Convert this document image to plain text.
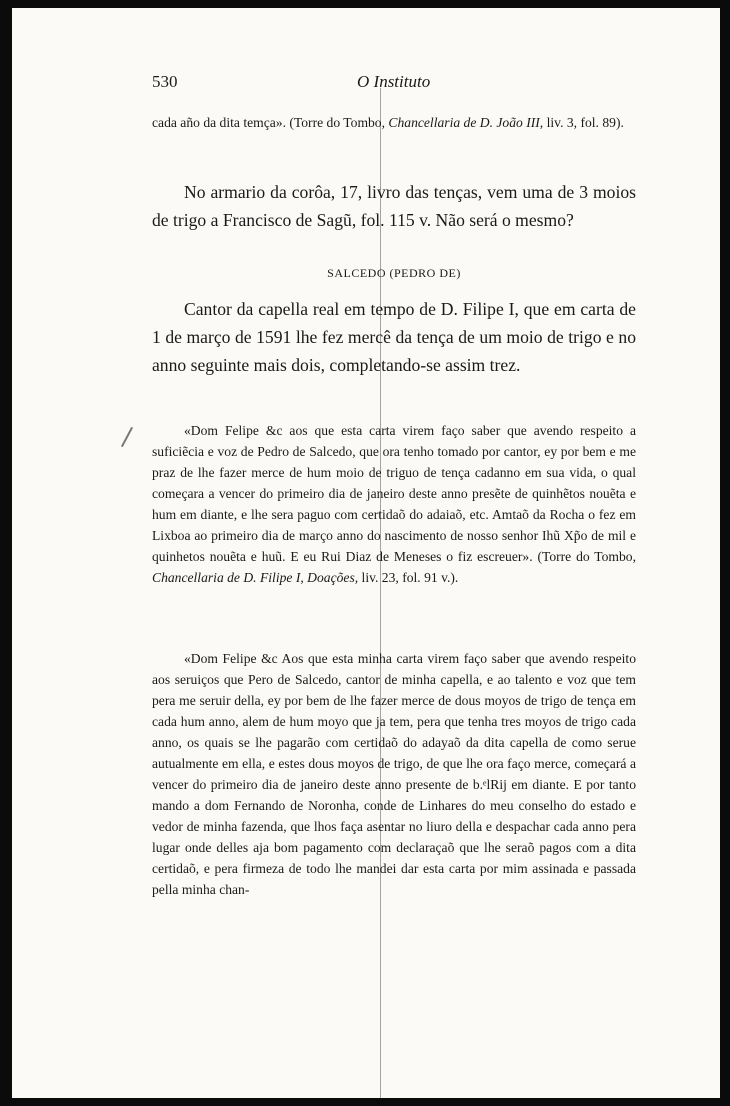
530	O Instituto

cada año da dita temça». (Torre do Tombo, Chancellaria de D. João III, liv. 3, fol. 89).

No armario da corôa, 17, livro das tenças, vem uma de 3 moios de trigo a Francisco de Sagũ, fol. 115 v. Não será o mesmo?

SALCEDO (PEDRO DE)

Cantor da capella real em tempo de D. Filipe I, que em carta de 1 de março de 1591 lhe fez mercê da tença de um moio de trigo e no anno seguinte mais dois, completando-se assim trez.

«Dom Felipe &c aos que esta carta virem faço saber que avendo respeito a suficiẽcia e voz de Pedro de Salcedo, que ora tenho tomado por cantor, ey por bem e me praz de lhe fazer merce de hum moio de triguo de tença cadanno em sua vida, o qual começara a vencer do primeiro dia de janeiro deste anno presẽte de quinhẽtos nouẽta e hum em diante, e lhe sera paguo com certidaõ do adaiaõ, etc. Amtaõ da Rocha o fez em Lixboa ao primeiro dia de março anno do nascimento de nosso senhor Ihũ Xp̃o de mil e quinhetos nouẽta e huũ. E eu Rui Diaz de Meneses o fiz escreuer». (Torre do Tombo, Chancellaria de D. Filipe I, Doações, liv. 23, fol. 91 v.).

«Dom Felipe &c Aos que esta minha carta virem faço saber que avendo respeito aos seruiços que Pero de Salcedo, cantor de minha capella, e ao talento e voz que tem pera me seruir della, ey por bem de lhe fazer merce de dous moyos de trigo de tença em cada hum anno, alem de hum moyo que ja tem, pera que tenha tres moyos de trigo cada anno, os quais se lhe pagarão com certidaõ do adayaõ da dita capella de como serue autualmente em ella, e estes dous moyos de trigo, de que lhe ora faço merce, começará a vencer do primeiro dia de janeiro deste anno presente de b.ᵉlRij em diante. E por tanto mando a dom Fernando de Noronha, conde de Linhares do meu conselho do estado e vedor de minha fazenda, que lhos faça asentar no liuro della e despachar cada anno pera lugar onde delles aja bom pagamento com declaraçaõ que lhe seraõ pagos com a dita certidaõ, e pera firmeza de todo lhe mandei dar esta carta por mim assinada e passada pella minha chan-
